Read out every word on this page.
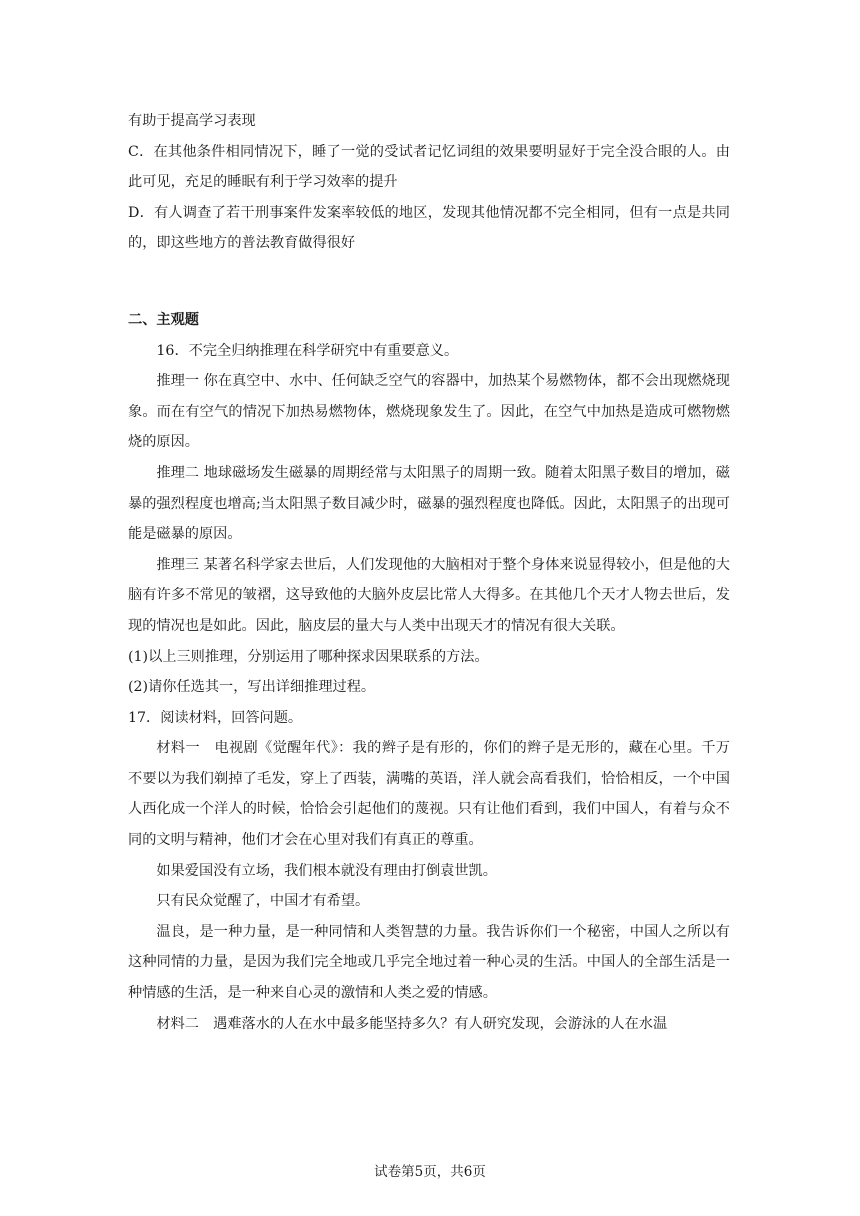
有助于提高学习表现

C．在其他条件相同情况下，睡了一觉的受试者记忆词组的效果要明显好于完全没合眼的人。由此可见，充足的睡眠有利于学习效率的提升

D．有人调查了若干刑事案件发案率较低的地区，发现其他情况都不完全相同，但有一点是共同的，即这些地方的普法教育做得很好

二、主观题

16．不完全归纳推理在科学研究中有重要意义。

推理一 你在真空中、水中、任何缺乏空气的容器中，加热某个易燃物体，都不会出现燃烧现象。而在有空气的情况下加热易燃物体，燃烧现象发生了。因此，在空气中加热是造成可燃物燃烧的原因。

推理二 地球磁场发生磁暴的周期经常与太阳黑子的周期一致。随着太阳黑子数目的增加，磁暴的强烈程度也增高;当太阳黑子数目减少时，磁暴的强烈程度也降低。因此，太阳黑子的出现可能是磁暴的原因。

推理三 某著名科学家去世后，人们发现他的大脑相对于整个身体来说显得较小，但是他的大脑有许多不常见的皱褶，这导致他的大脑外皮层比常人大得多。在其他几个天才人物去世后，发现的情况也是如此。因此，脑皮层的量大与人类中出现天才的情况有很大关联。

(1)以上三则推理，分别运用了哪种探求因果联系的方法。

(2)请你任选其一，写出详细推理过程。

17．阅读材料，回答问题。

材料一　电视剧《觉醒年代》：我的辫子是有形的，你们的辫子是无形的，藏在心里。千万不要以为我们剃掉了毛发，穿上了西装，满嘴的英语，洋人就会高看我们，恰恰相反，一个中国人西化成一个洋人的时候，恰恰会引起他们的蔑视。只有让他们看到，我们中国人，有着与众不同的文明与精神，他们才会在心里对我们有真正的尊重。

如果爱国没有立场，我们根本就没有理由打倒袁世凯。

只有民众觉醒了，中国才有希望。

温良，是一种力量，是一种同情和人类智慧的力量。我告诉你们一个秘密，中国人之所以有这种同情的力量，是因为我们完全地或几乎完全地过着一种心灵的生活。中国人的全部生活是一种情感的生活，是一种来自心灵的激情和人类之爱的情感。

材料二　遇难落水的人在水中最多能坚持多久？有人研究发现，会游泳的人在水温

试卷第5页，共6页
